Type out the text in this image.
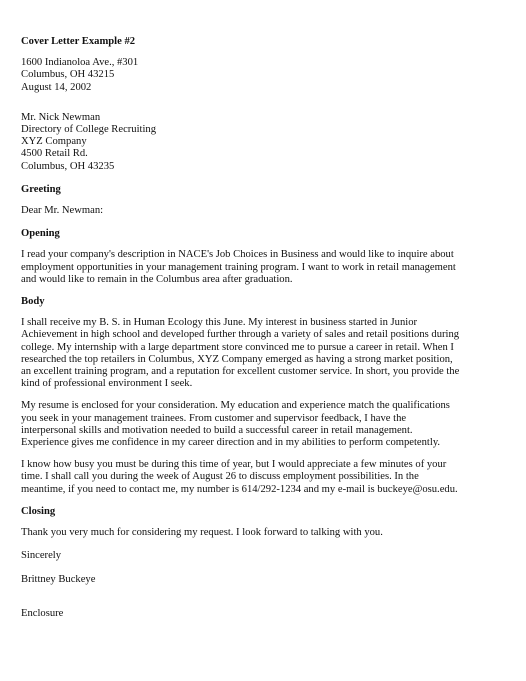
Cover Letter Example #2
1600 Indianoloa Ave., #301
Columbus, OH 43215
August 14, 2002
Mr. Nick Newman
Directory of College Recruiting
XYZ Company
4500 Retail Rd.
Columbus, OH 43235
Greeting
Dear Mr. Newman:
Opening
I read your company's description in NACE's Job Choices in Business and would like to inquire about
employment opportunities in your management training program. I want to work in retail management
and would like to remain in the Columbus area after graduation.
Body
I shall receive my B. S. in Human Ecology this June. My interest in business started in Junior
Achievement in high school and developed further through a variety of sales and retail positions during
college. My internship with a large department store convinced me to pursue a career in retail. When I
researched the top retailers in Columbus, XYZ Company emerged as having a strong market position,
an excellent training program, and a reputation for excellent customer service. In short, you provide the
kind of professional environment I seek.
My resume is enclosed for your consideration. My education and experience match the qualifications
you seek in your management trainees. From customer and supervisor feedback, I have the
interpersonal skills and motivation needed to build a successful career in retail management.
Experience gives me confidence in my career direction and in my abilities to perform competently.
I know how busy you must be during this time of year, but I would appreciate a few minutes of your
time. I shall call you during the week of August 26 to discuss employment possibilities. In the
meantime, if you need to contact me, my number is 614/292-1234 and my e-mail is buckeye@osu.edu.
Closing
Thank you very much for considering my request. I look forward to talking with you.
Sincerely
Brittney Buckeye
Enclosure
